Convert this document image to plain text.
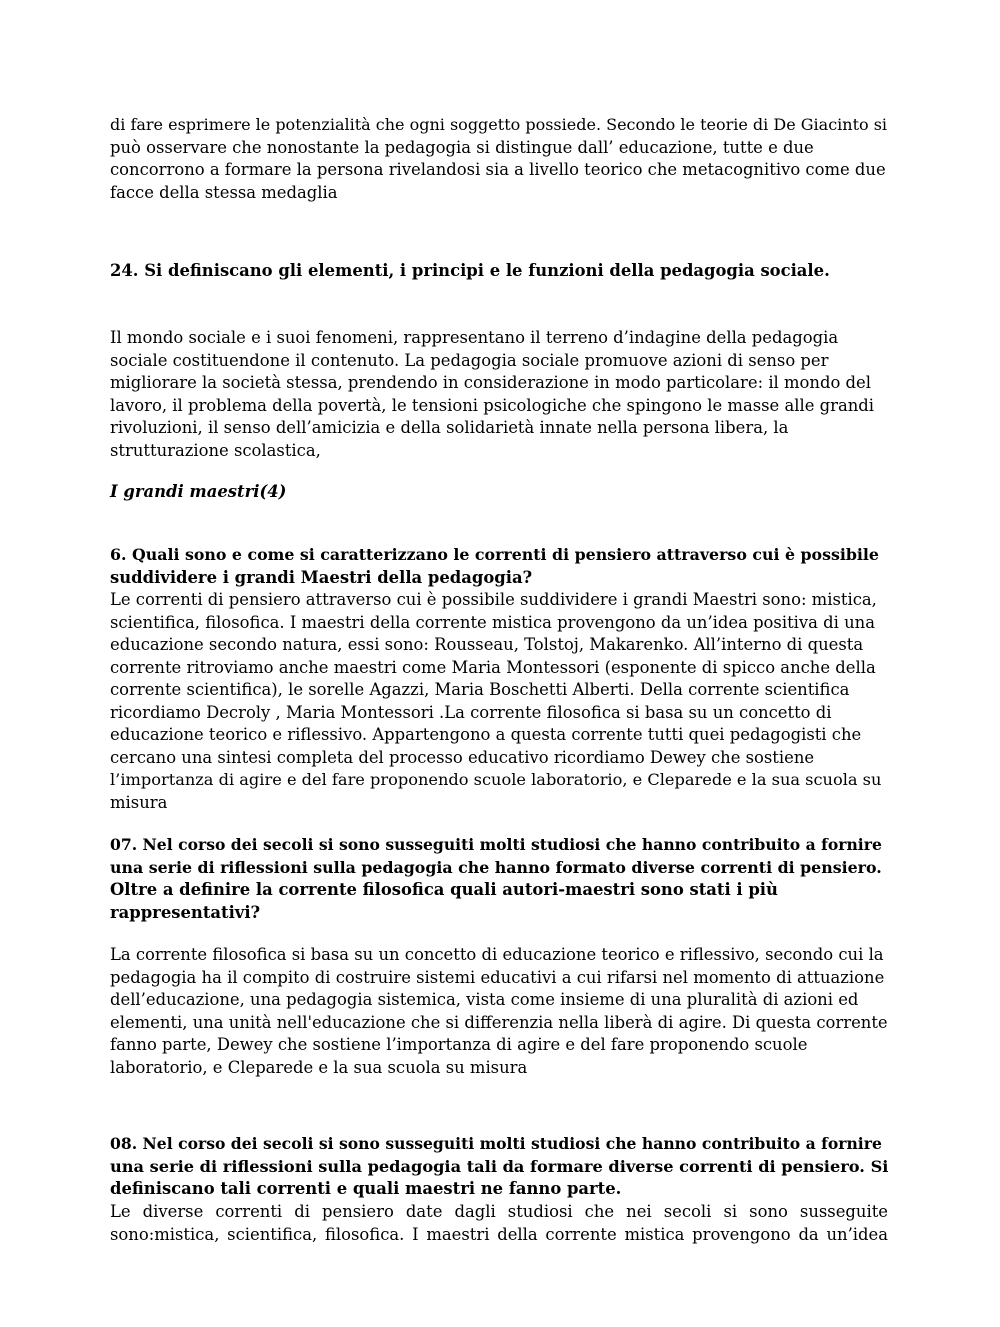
di fare esprimere le potenzialità che ogni soggetto possiede. Secondo le teorie di De Giacinto si
può osservare che nonostante la pedagogia si distingue dall’ educazione, tutte e due
concorrono a formare la persona rivelandosi sia a livello teorico che metacognitivo come due
facce della stessa medaglia
24. Si definiscano gli elementi, i principi e le funzioni della pedagogia sociale.
Il mondo sociale e i suoi fenomeni, rappresentano il terreno d’indagine della pedagogia
sociale costituendone il contenuto. La pedagogia sociale promuove azioni di senso per
migliorare la società stessa, prendendo in considerazione in modo particolare: il mondo del
lavoro, il problema della povertà, le tensioni psicologiche che spingono le masse alle grandi
rivoluzioni, il senso dell’amicizia e della solidarietà innate nella persona libera, la
strutturazione scolastica,
I grandi maestri(4)
6. Quali sono e come si caratterizzano le correnti di pensiero attraverso cui è possibile
suddividere i grandi Maestri della pedagogia?
Le correnti di pensiero attraverso cui è possibile suddividere i grandi Maestri sono: mistica,
scientifica, filosofica. I maestri della corrente mistica provengono da un’idea positiva di una
educazione secondo natura, essi sono: Rousseau, Tolstoj, Makarenko. All’interno di questa
corrente ritroviamo anche maestri come Maria Montessori (esponente di spicco anche della
corrente scientifica), le sorelle Agazzi, Maria Boschetti Alberti. Della corrente scientifica
ricordiamo Decroly , Maria Montessori .La corrente filosofica si basa su un concetto di
educazione teorico e riflessivo. Appartengono a questa corrente tutti quei pedagogisti che
cercano una sintesi completa del processo educativo ricordiamo Dewey che sostiene
l’importanza di agire e del fare proponendo scuole laboratorio, e Cleparede e la sua scuola su
misura
07. Nel corso dei secoli si sono susseguiti molti studiosi che hanno contribuito a fornire
una serie di riflessioni sulla pedagogia che hanno formato diverse correnti di pensiero.
Oltre a definire la corrente filosofica quali autori-maestri sono stati i più
rappresentativi?
La corrente filosofica si basa su un concetto di educazione teorico e riflessivo, secondo cui la
pedagogia ha il compito di costruire sistemi educativi a cui rifarsi nel momento di attuazione
dell’educazione, una pedagogia sistemica, vista come insieme di una pluralità di azioni ed
elementi, una unità nell'educazione che si differenzia nella liberà di agire. Di questa corrente
fanno parte, Dewey che sostiene l’importanza di agire e del fare proponendo scuole
laboratorio, e Cleparede e la sua scuola su misura
08. Nel corso dei secoli si sono susseguiti molti studiosi che hanno contribuito a fornire
una serie di riflessioni sulla pedagogia tali da formare diverse correnti di pensiero. Si
definiscano tali correnti e quali maestri ne fanno parte.
Le diverse correnti di pensiero date dagli studiosi che nei secoli si sono susseguite
sono:mistica, scientifica, filosofica. I maestri della corrente mistica provengono da un’idea
